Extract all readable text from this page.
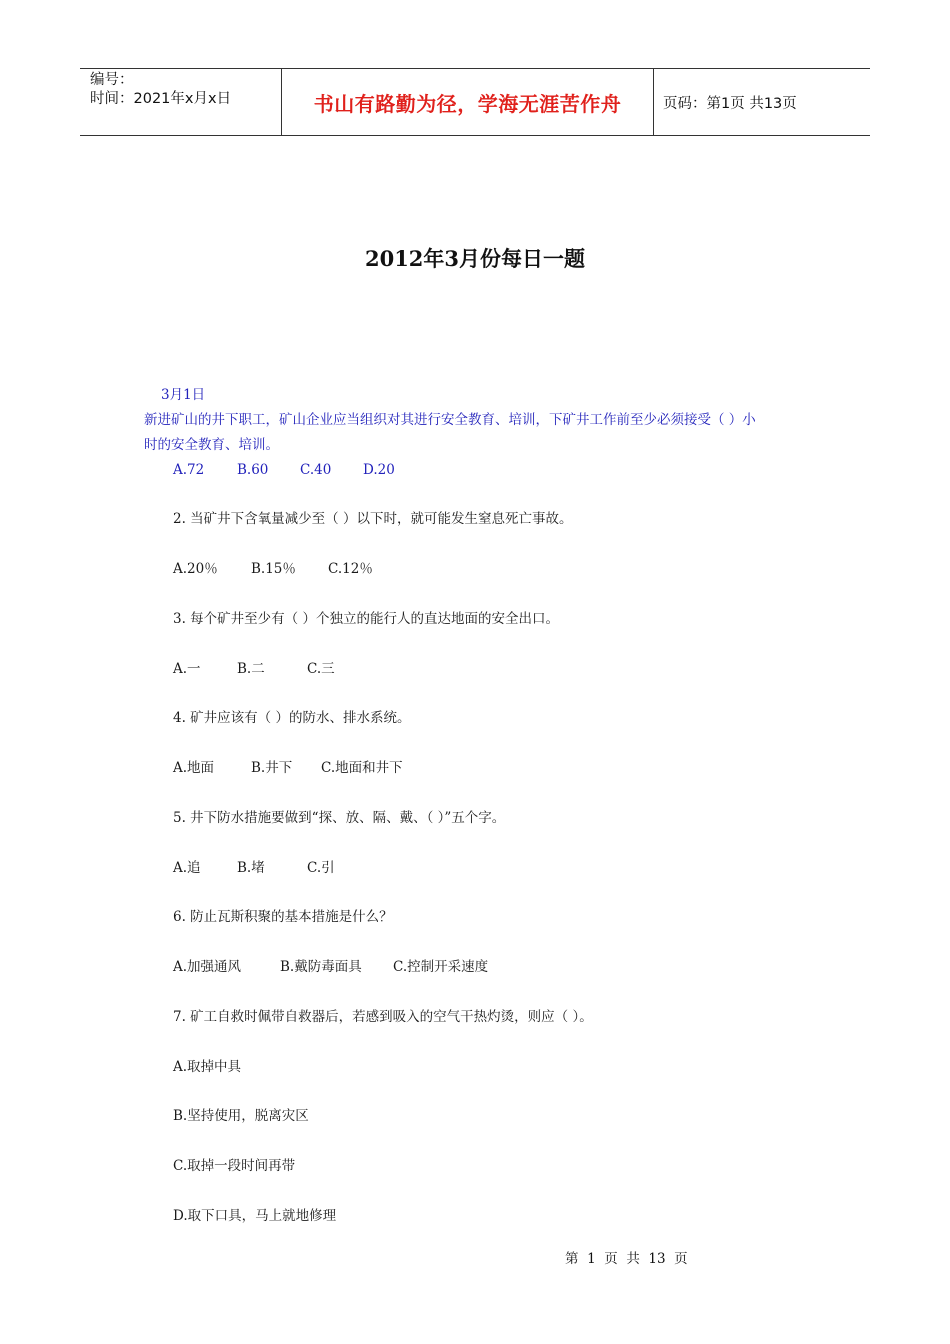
编号：
时间：2021年x月x日	书山有路勤为径，学海无涯苦作舟	页码：第1页 共13页
2012年3月份每日一题
3月1日
新进矿山的井下职工，矿山企业应当组织对其进行安全教育、培训，下矿井工作前至少必须接受（ ）小
时的安全教育、培训。
A.72 B.60 C.40 D.20
2. 当矿井下含氧量减少至（ ）以下时，就可能发生窒息死亡事故。
A.20％ B.15％ C.12％
3. 每个矿井至少有（ ）个独立的能行人的直达地面的安全出口。
A.一	B.二	C.三
4. 矿井应该有（ ）的防水、排水系统。
A.地面	B.井下 C.地面和井下
5. 井下防水措施要做到“探、放、隔、戴、（ ）”五个字。
A.追	B.堵	C.引
6. 防止瓦斯积聚的基本措施是什么？
A.加强通风	B.戴防毒面具 C.控制开采速度
7. 矿工自救时佩带自救器后，若感到吸入的空气干热灼烫，则应（ ）。
A.取掉中具
B.坚持使用，脱离灾区
C.取掉一段时间再带
D.取下口具，马上就地修理
第  1  页  共  13  页
